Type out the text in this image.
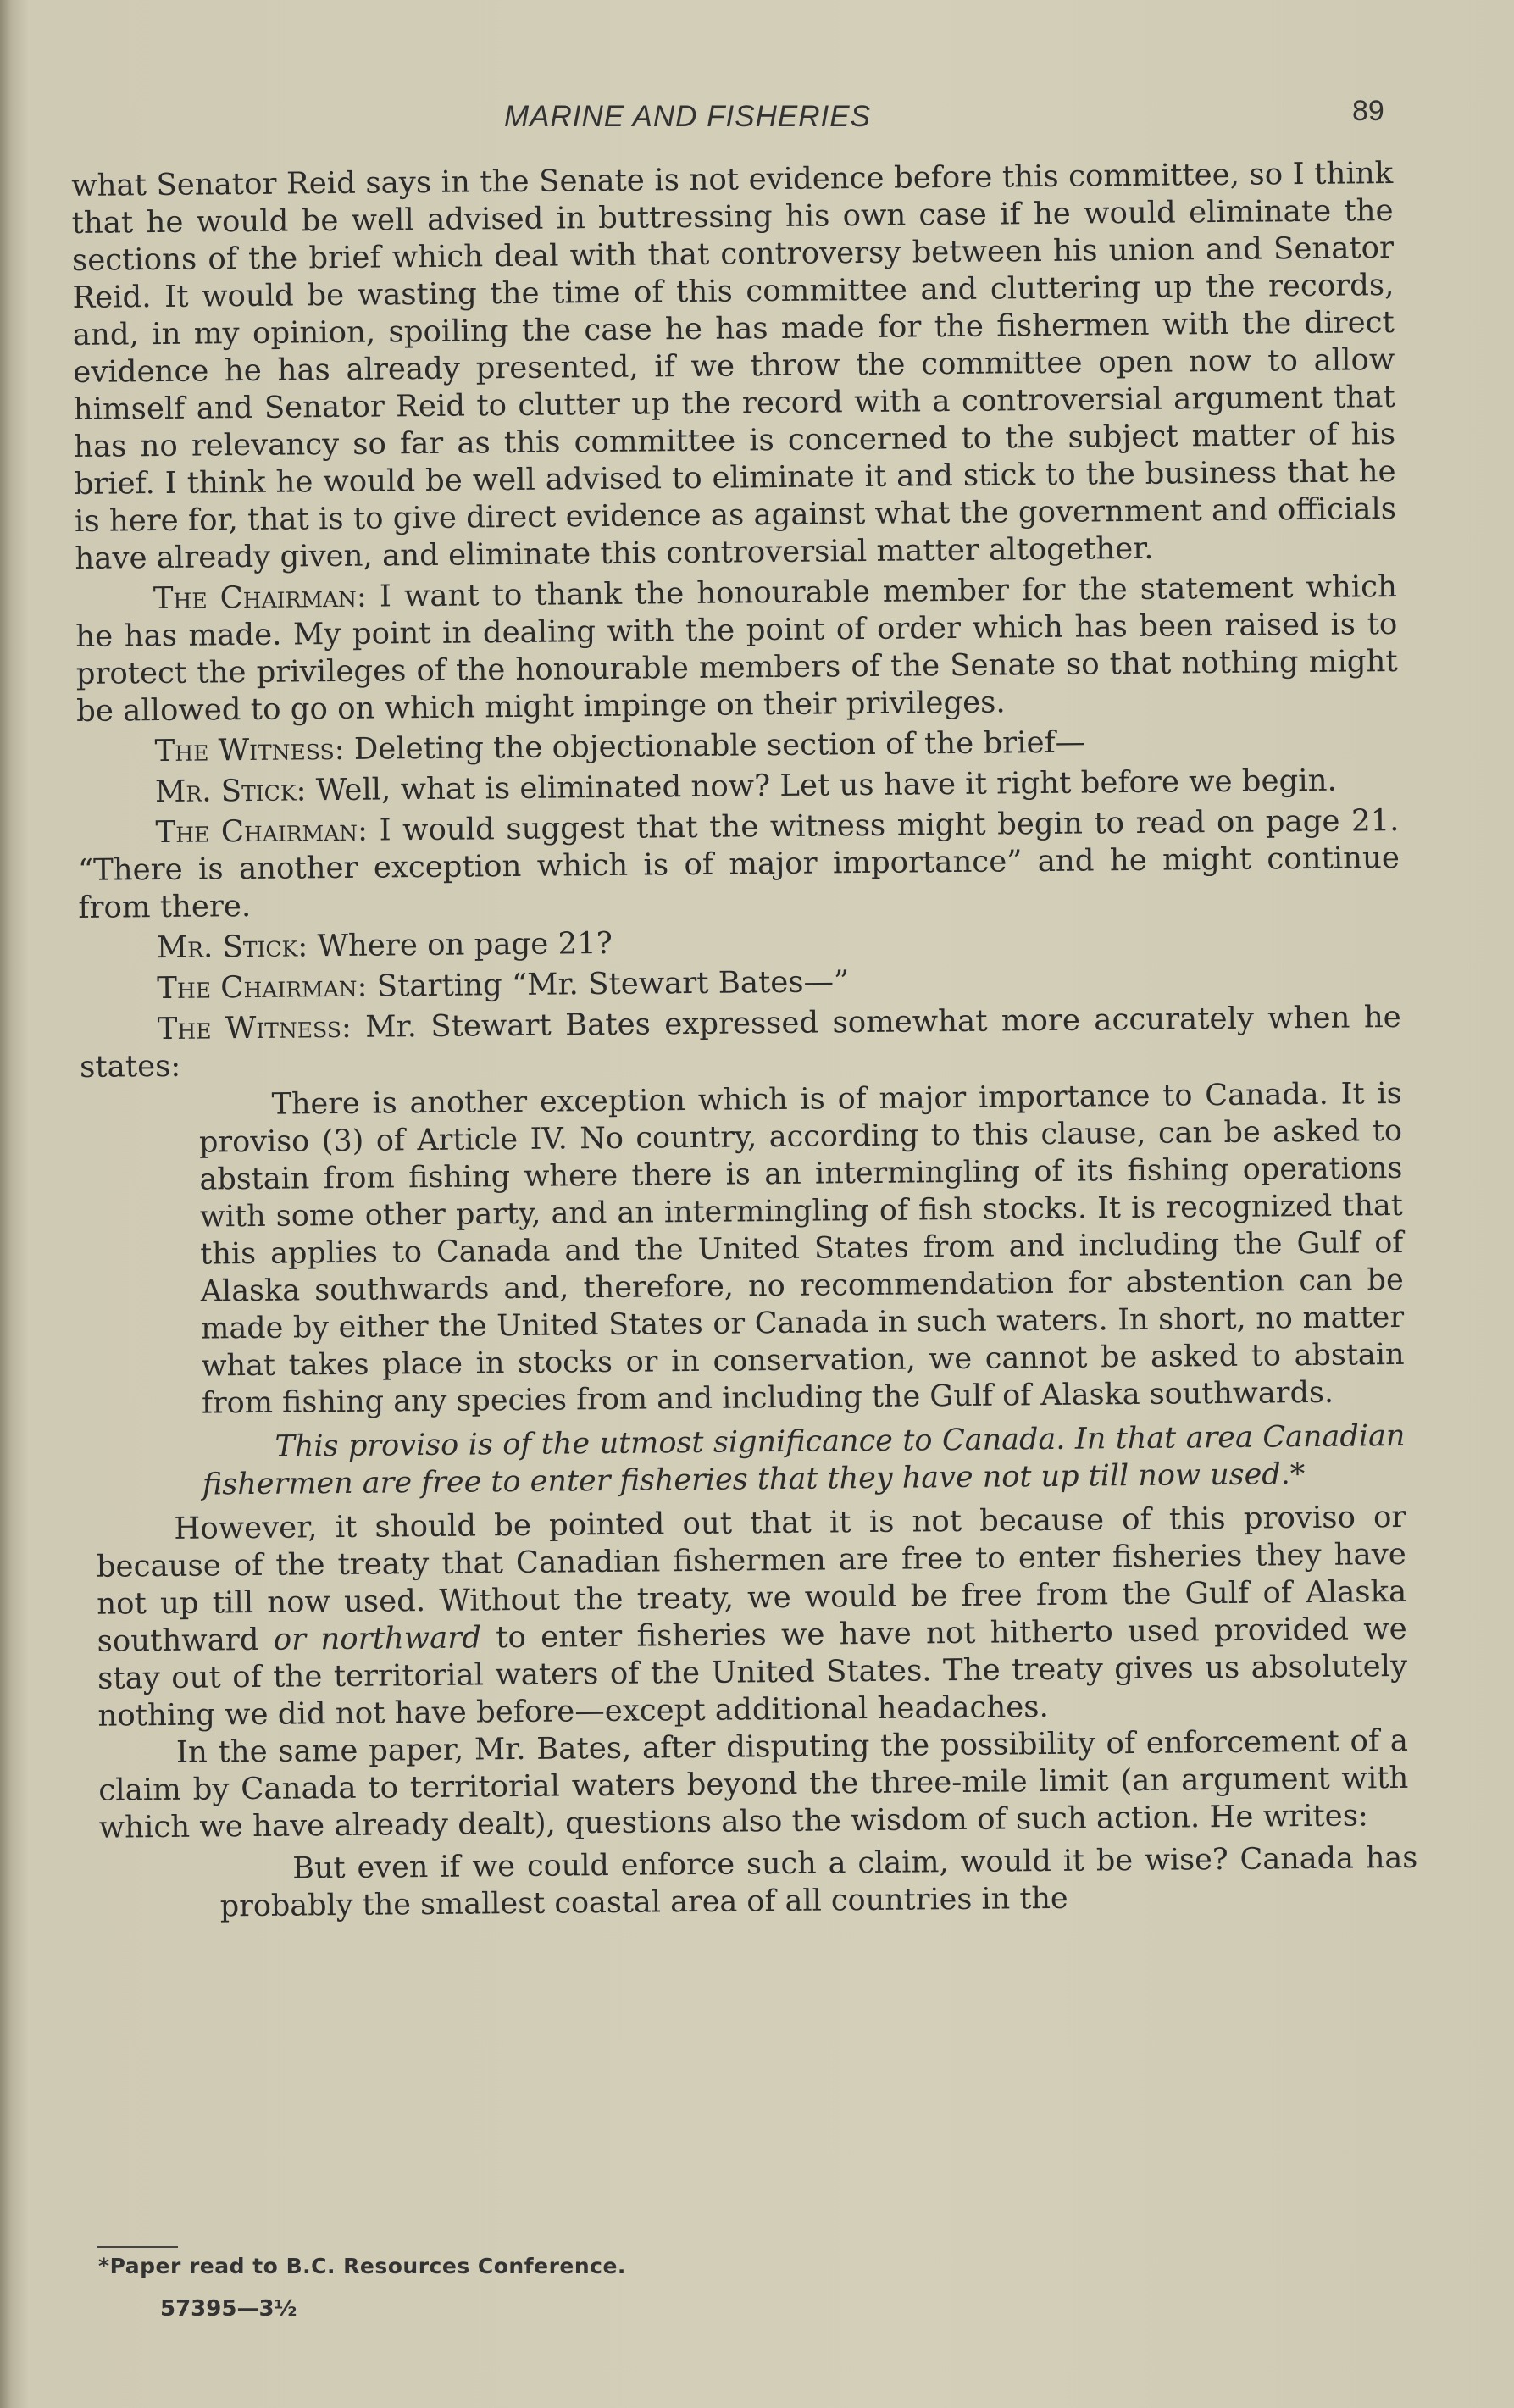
MARINE AND FISHERIES	89

what Senator Reid says in the Senate is not evidence before this committee, so I think that he would be well advised in buttressing his own case if he would eliminate the sections of the brief which deal with that controversy between his union and Senator Reid. It would be wasting the time of this committee and cluttering up the records, and, in my opinion, spoiling the case he has made for the fishermen with the direct evidence he has already presented, if we throw the committee open now to allow himself and Senator Reid to clutter up the record with a controversial argument that has no relevancy so far as this committee is concerned to the subject matter of his brief. I think he would be well advised to eliminate it and stick to the business that he is here for, that is to give direct evidence as against what the government and officials have already given, and eliminate this controversial matter altogether.

The Chairman: I want to thank the honourable member for the statement which he has made. My point in dealing with the point of order which has been raised is to protect the privileges of the honourable members of the Senate so that nothing might be allowed to go on which might impinge on their privileges.

The Witness: Deleting the objectionable section of the brief—

Mr. Stick: Well, what is eliminated now? Let us have it right before we begin.

The Chairman: I would suggest that the witness might begin to read on page 21. “There is another exception which is of major importance” and he might continue from there.

Mr. Stick: Where on page 21?

The Chairman: Starting “Mr. Stewart Bates—”

The Witness: Mr. Stewart Bates expressed somewhat more accurately when he states:

There is another exception which is of major importance to Canada. It is proviso (3) of Article IV. No country, according to this clause, can be asked to abstain from fishing where there is an intermingling of its fishing operations with some other party, and an intermingling of fish stocks. It is recognized that this applies to Canada and the United States from and including the Gulf of Alaska southwards and, therefore, no recommendation for abstention can be made by either the United States or Canada in such waters. In short, no matter what takes place in stocks or in conservation, we cannot be asked to abstain from fishing any species from and including the Gulf of Alaska southwards.

This proviso is of the utmost significance to Canada. In that area Canadian fishermen are free to enter fisheries that they have not up till now used.*

However, it should be pointed out that it is not because of this proviso or because of the treaty that Canadian fishermen are free to enter fisheries they have not up till now used. Without the treaty, we would be free from the Gulf of Alaska southward or northward to enter fisheries we have not hitherto used provided we stay out of the territorial waters of the United States. The treaty gives us absolutely nothing we did not have before—except additional headaches.

In the same paper, Mr. Bates, after disputing the possibility of enforcement of a claim by Canada to territorial waters beyond the three-mile limit (an argument with which we have already dealt), questions also the wisdom of such action. He writes:

But even if we could enforce such a claim, would it be wise? Canada has probably the smallest coastal area of all countries in the

*Paper read to B.C. Resources Conference.
57395—3½
